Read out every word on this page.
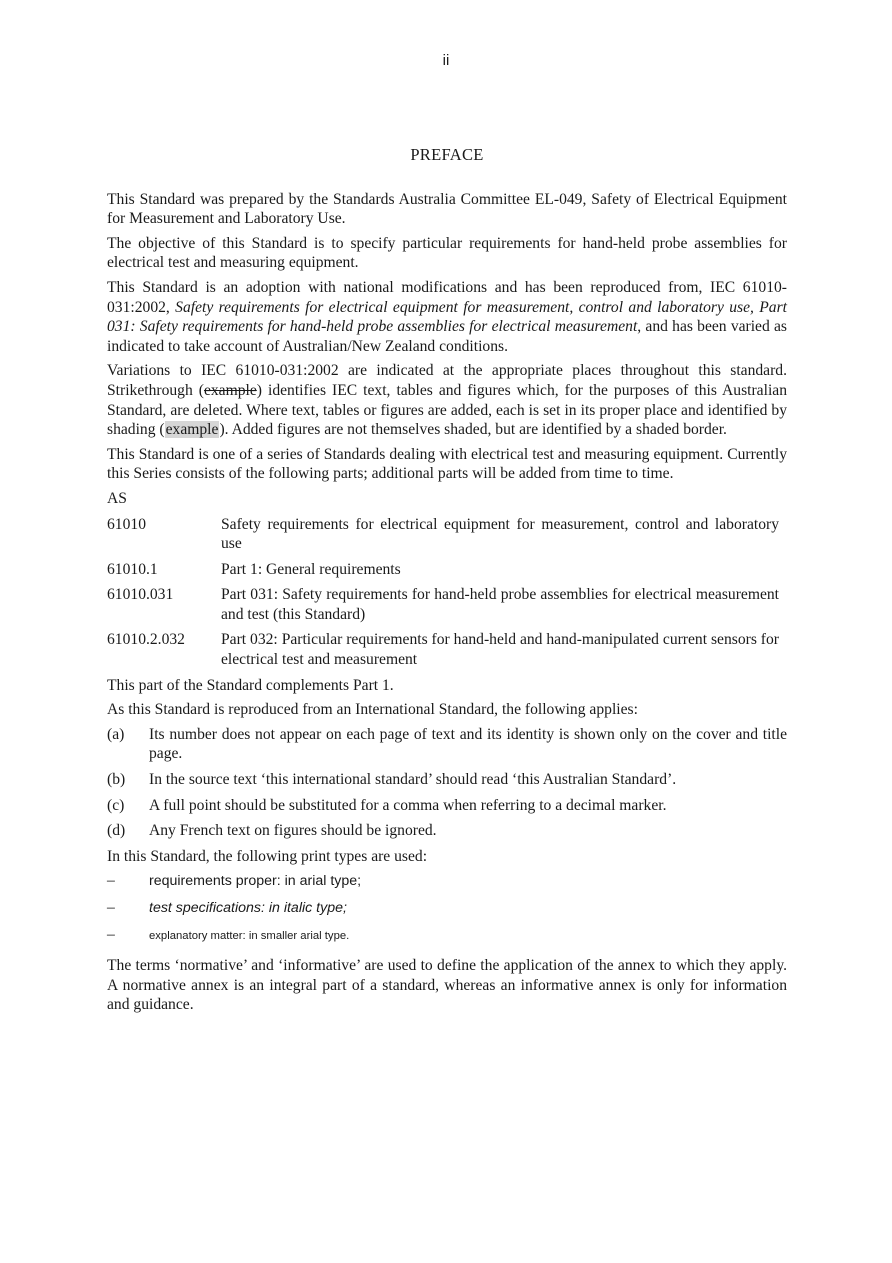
ii
PREFACE

This Standard was prepared by the Standards Australia Committee EL-049, Safety of Electrical Equipment for Measurement and Laboratory Use.

The objective of this Standard is to specify particular requirements for hand-held probe assemblies for electrical test and measuring equipment.

This Standard is an adoption with national modifications and has been reproduced from, IEC 61010-031:2002, Safety requirements for electrical equipment for measurement, control and laboratory use, Part 031: Safety requirements for hand-held probe assemblies for electrical measurement, and has been varied as indicated to take account of Australian/New Zealand conditions.

Variations to IEC 61010-031:2002 are indicated at the appropriate places throughout this standard. Strikethrough (example) identifies IEC text, tables and figures which, for the purposes of this Australian Standard, are deleted. Where text, tables or figures are added, each is set in its proper place and identified by shading (example). Added figures are not themselves shaded, but are identified by a shaded border.

This Standard is one of a series of Standards dealing with electrical test and measuring equipment. Currently this Series consists of the following parts; additional parts will be added from time to time.

AS
61010	Safety requirements for electrical equipment for measurement, control and laboratory use
61010.1	Part 1: General requirements
61010.031	Part 031: Safety requirements for hand-held probe assemblies for electrical measurement and test (this Standard)
61010.2.032	Part 032: Particular requirements for hand-held and hand-manipulated current sensors for electrical test and measurement

This part of the Standard complements Part 1.

As this Standard is reproduced from an International Standard, the following applies:

(a)	Its number does not appear on each page of text and its identity is shown only on the cover and title page.
(b)	In the source text ‘this international standard’ should read ‘this Australian Standard’.
(c)	A full point should be substituted for a comma when referring to a decimal marker.
(d)	Any French text on figures should be ignored.

In this Standard, the following print types are used:

–	requirements proper: in arial type;
–	test specifications: in italic type;
–	explanatory matter: in smaller arial type.

The terms ‘normative’ and ‘informative’ are used to define the application of the annex to which they apply. A normative annex is an integral part of a standard, whereas an informative annex is only for information and guidance.
